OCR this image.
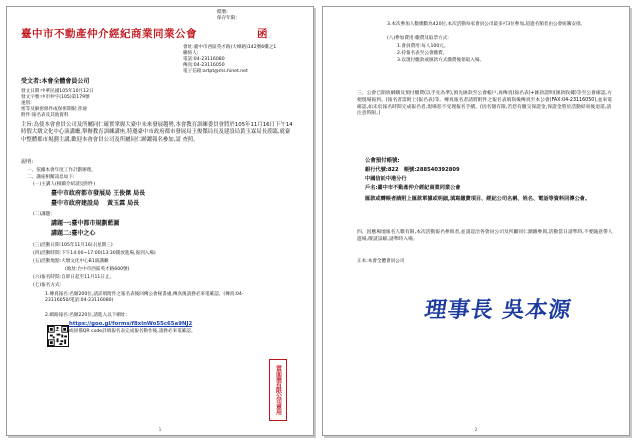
檔號:
保存年限:
臺中市不動產仲介經紀商業同業公會	函
會址:臺中市西區英才路(大峰路)142號6樓之1
聯絡人:
電話:04-23116080
傳真:04-23116050
電子信箱:artpt@ms.hinet.net
受文者:本會全體會員公司
發文日期:中華民國105年10月12日
發文字號:中市仲字(105)第179號
速別:
密等及解密條件或保密期限:普通
附件:報名表及其他資料
主旨:為使本會會員公司及所屬同仁確實掌握大臺中未來發展趨勢,本會教育訓練委員會將於105年11月16日下午14時假大墩文化中心演講廳,舉辦教育訓練講座,特邀臺中市政府都市發展局王俊傑局長及建設局黃玉霖局長蒞臨,就臺中整體都市規劃主講,歡迎本會會員公司及所屬同仁踴躍報名參加,請 查照。
說明:
一、依據本會年度工作計劃辦理。
二、講座相關訊息如下:
(一)主講人(相關介紹請見附件)
臺中市政府都市發展局 王俊傑 局長
臺中市政府建設局　 黃玉霖 局長
(二)講題:
講題一:臺中都市規劃藍圖
講題二:臺中之心
(三)活動日期:105年11月16日(星期三)
(四)活動時間:下午14:00~17:00(13:30開放進場,報到入場)
(五)活動地點:大墩文化中心B1演講廳
(地址:台中市西區英才路600號)
(六)報名時間:自即日起至11月11日止。
(七)報名方式:
1.傳真報名:名額200位,請詳填附件之報名表後回傳公會秘書處,傳真後請務必來電確認。(傳真:04-23116050/電話:04-23116080)
2.網路報名:名額220位,請進入以下網址:
https://goo.gl/forms/f8xlnWo55c65a9NJ2
或掃描QR code詳填報名表完成報名動作後,請務必來電確認。
當面商有限公司章用
1
3.本次參加人數總數為420位,本次活動每家會員公司最多可3位參加,超過名額者由公會統籌安排。
(八)參加費用:繳費及取票方式:
1.會員費用:每人100元。
2.持報名表至公會繳費。
3.以現付繳款或匯款方式繳費後領取入場。
三、公會已開放網購及預付繳費(以手先為準),預先匯款至公會帳戶,再傳真(報名表)+匯款證明(匯款收據)等至公會確認,方便現場報到。(報名者需附上(報名表)等。傳真報名者請將附件之報名表填寫後傳真至本公會(FAX:04-23116050),並來電確認,如未於報名時間完成報名者,現場恕不受理報名手續。(因名額有限,若您有繳交保證金,保證金將於活動結束後退還,請注意時限。)
公會預付帳號:
銀行代號:822　帳號:288540392809
中國信託中港分行
戶名:臺中市不動產仲介經紀商業同業公會
匯款或轉帳者請附上匯款單據或明細,填寫繳費項目、經紀公司名稱、姓名、電話等資料回傳公會。
四、因應場地報名人數有限,本次活動報名參與者,並請逕洽各會員公司及所屬同仁踴躍參與,活動當日請準時,不要隨意帶人進場,敬請諒解,請準時入場。
正本:本會全體會員公司
理事長 吳本源
2
